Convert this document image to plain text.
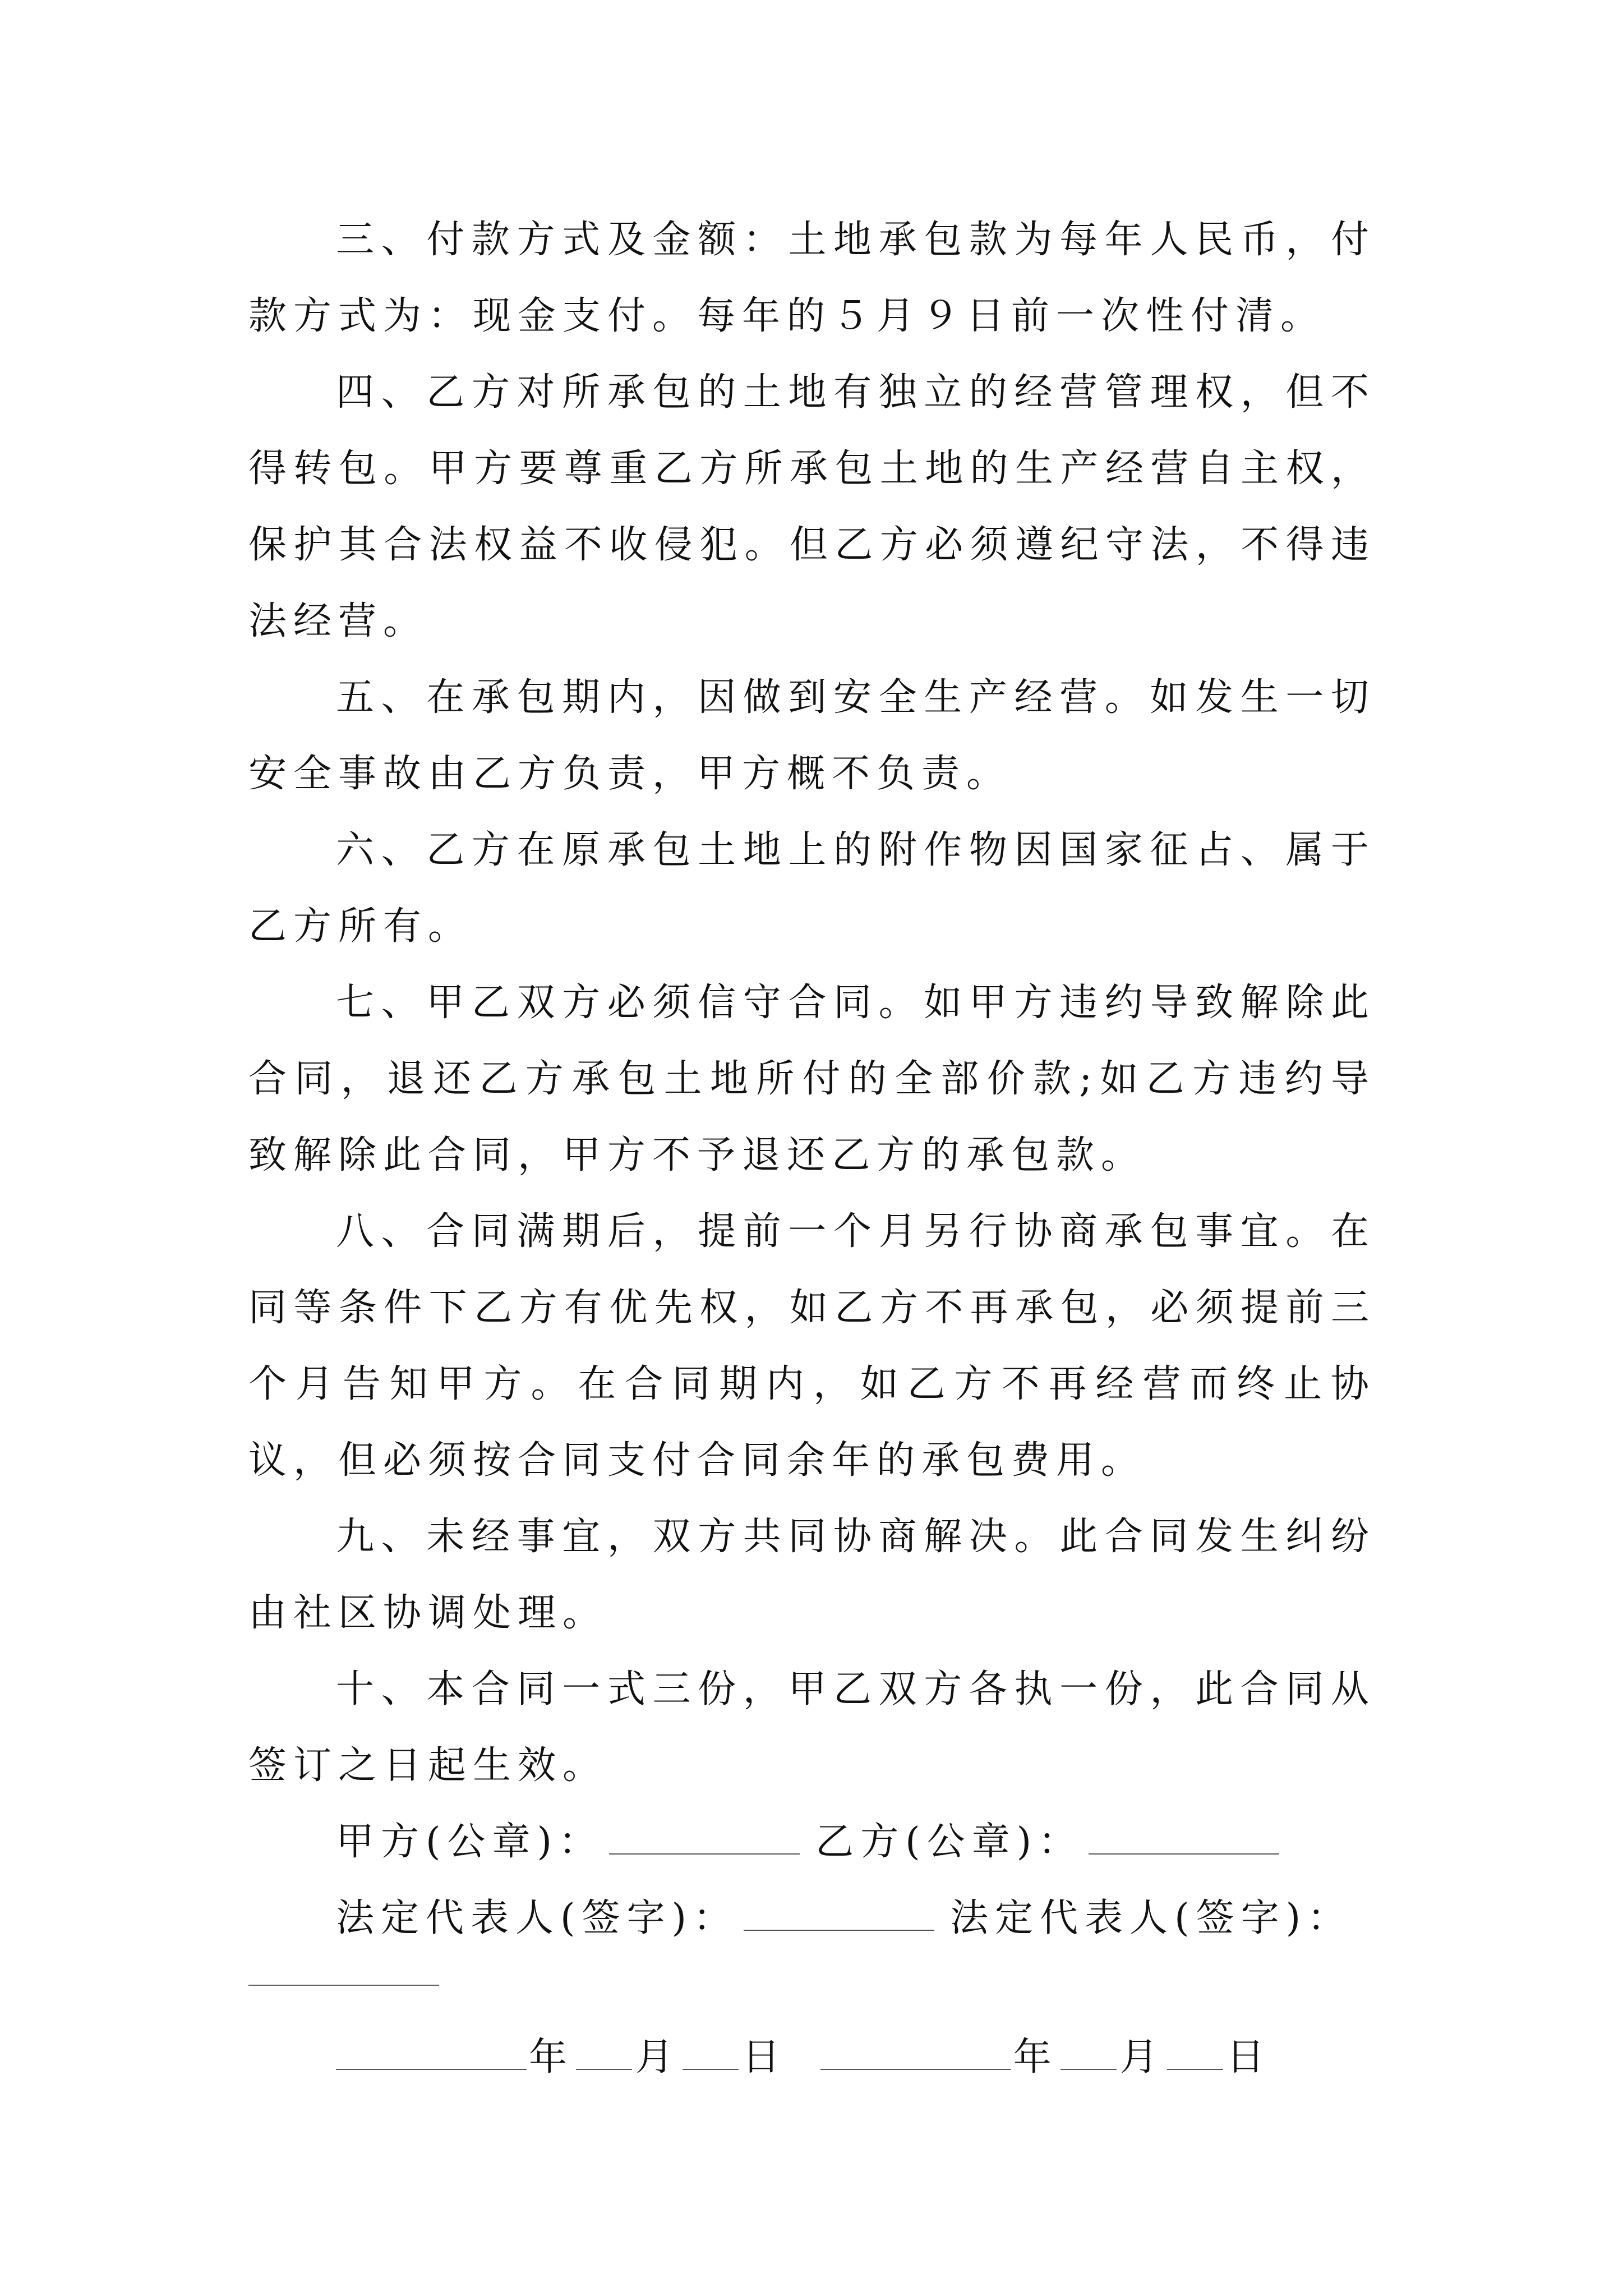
三、付款方式及金额：土地承包款为每年人民币，付款方式为：现金支付。每年的５月９日前一次性付清。

四、乙方对所承包的土地有独立的经营管理权，但不得转包。甲方要尊重乙方所承包土地的生产经营自主权，保护其合法权益不收侵犯。但乙方必须遵纪守法，不得违法经营。

五、在承包期内，因做到安全生产经营。如发生一切安全事故由乙方负责，甲方概不负责。

六、乙方在原承包土地上的附作物因国家征占、属于乙方所有。

七、甲乙双方必须信守合同。如甲方违约导致解除此合同，退还乙方承包土地所付的全部价款;如乙方违约导致解除此合同，甲方不予退还乙方的承包款。

八、合同满期后，提前一个月另行协商承包事宜。在同等条件下乙方有优先权，如乙方不再承包，必须提前三个月告知甲方。在合同期内，如乙方不再经营而终止协议，但必须按合同支付合同余年的承包费用。

九、未经事宜，双方共同协商解决。此合同发生纠纷由社区协调处理。

十、本合同一式三份，甲乙双方各执一份，此合同从签订之日起生效。

甲方(公章)：	乙方(公章)：
法定代表人(签字)：	法定代表人(签字)：
年 月 日	年 月 日
